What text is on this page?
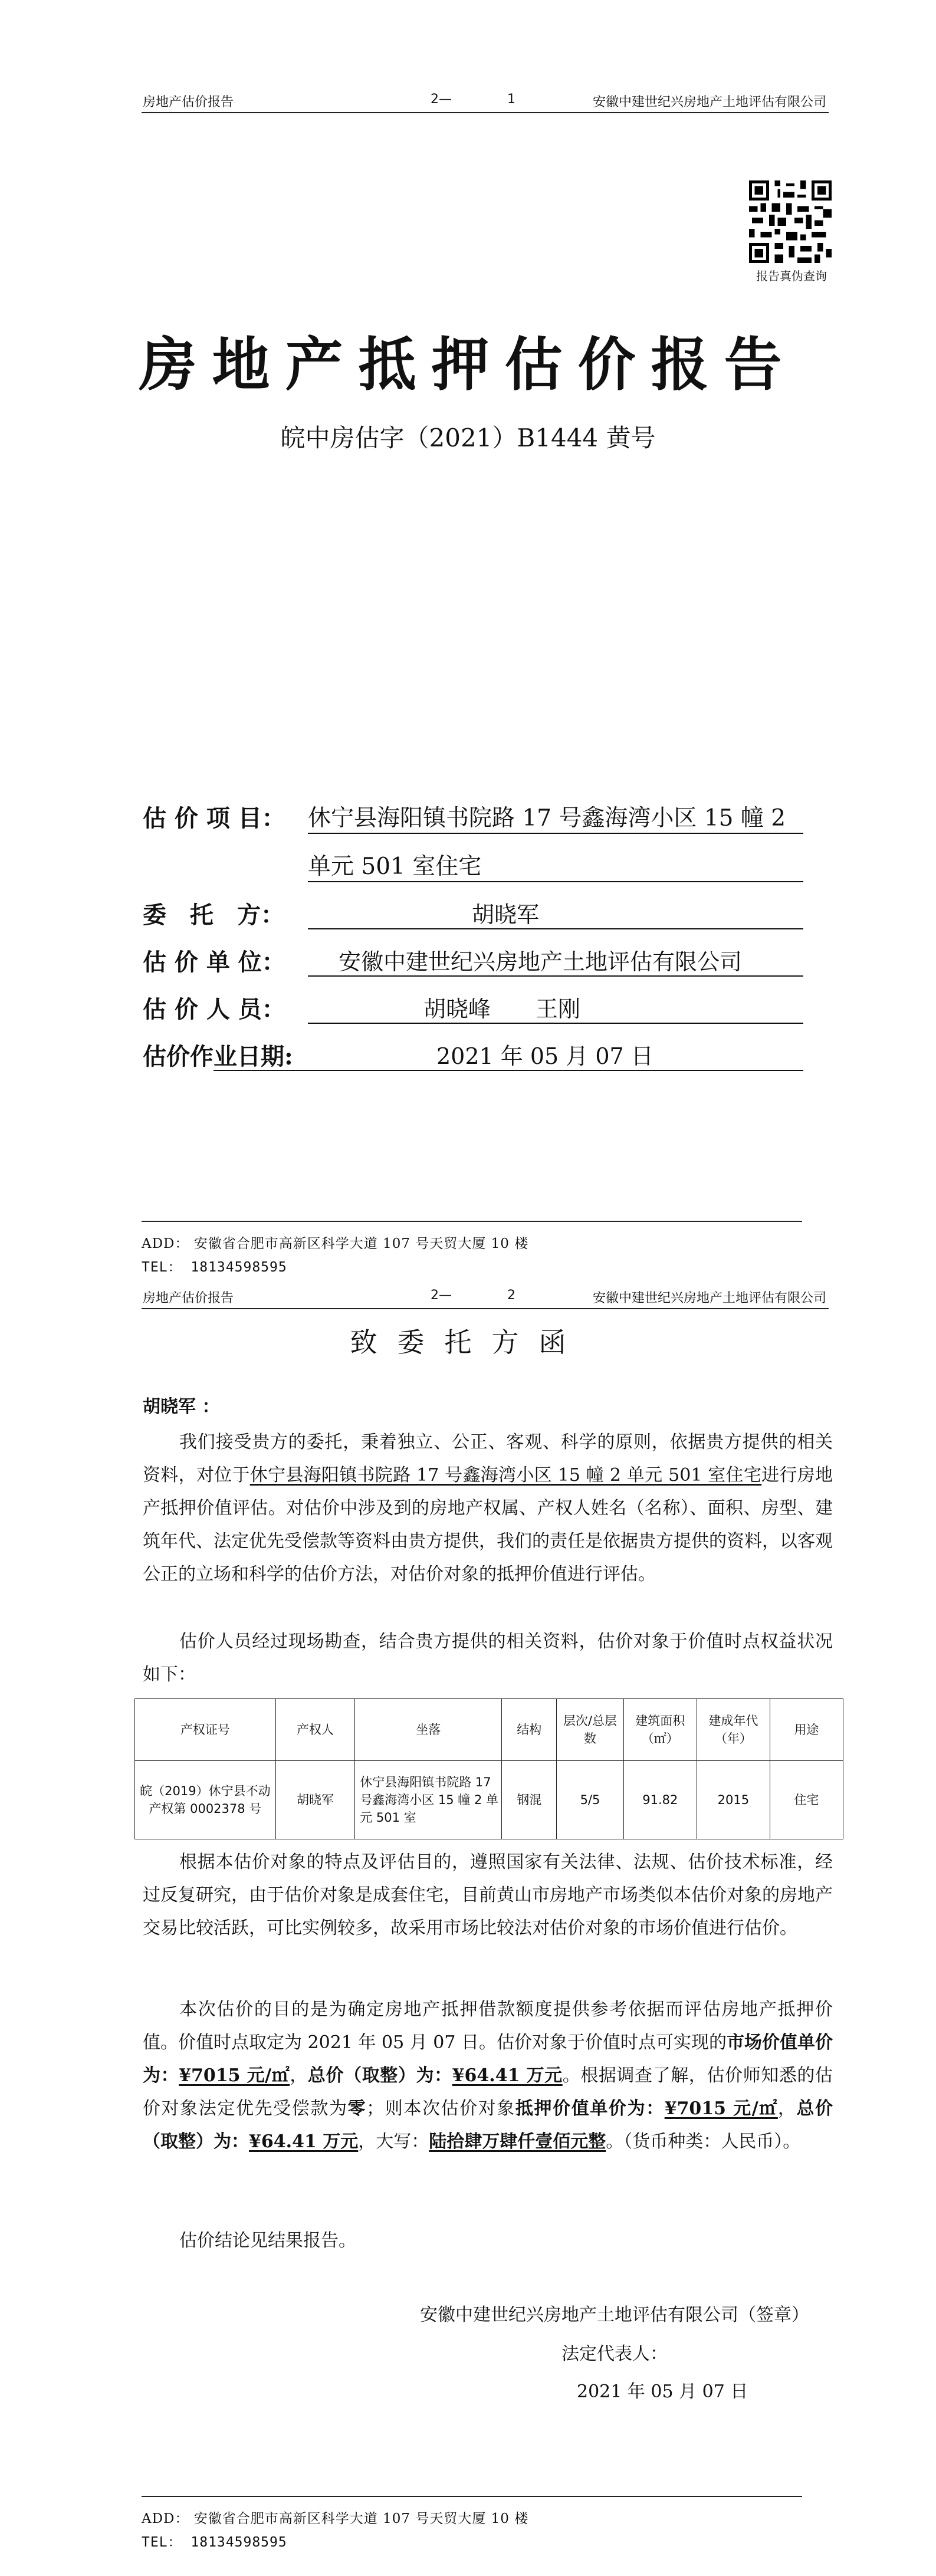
房地产估价报告	2—	1	安徽中建世纪兴房地产土地评估有限公司
报告真伪查询
房地产抵押估价报告
皖中房估字（2021）B1444 黄号
估 价 项 目： 休宁县海阳镇书院路 17 号鑫海湾小区 15 幢 2
单元 501 室住宅
委　托　方：	胡晓军
估 价 单 位： 安徽中建世纪兴房地产土地评估有限公司
估 价 人 员：	胡晓峰　　王刚
估价作业日期:	2021 年 05 月 07 日
ADD： 安徽省合肥市高新区科学大道 107 号天贸大厦 10 楼
TEL： 18134598595
房地产估价报告	2—	2	安徽中建世纪兴房地产土地评估有限公司
致委托方函
胡晓军 ：
我们接受贵方的委托，秉着独立、公正、客观、科学的原则，依据贵方提供的相关资料，对位于休宁县海阳镇书院路 17 号鑫海湾小区 15 幢 2 单元 501 室住宅进行房地产抵押价值评估。对估价中涉及到的房地产权属、产权人姓名（名称）、面积、房型、建筑年代、法定优先受偿款等资料由贵方提供，我们的责任是依据贵方提供的资料，以客观公正的立场和科学的估价方法，对估价对象的抵押价值进行评估。
估价人员经过现场勘查，结合贵方提供的相关资料，估价对象于价值时点权益状况如下：
产权证号	产权人	坐落	结构	层次/总层数	建筑面积（㎡）	建成年代（年）	用途
皖（2019）休宁县不动产权第 0002378 号	胡晓军	休宁县海阳镇书院路 17 号鑫海湾小区 15 幢 2 单元 501 室	钢混	5/5	91.82	2015	住宅
根据本估价对象的特点及评估目的，遵照国家有关法律、法规、估价技术标准，经过反复研究，由于估价对象是成套住宅，目前黄山市房地产市场类似本估价对象的房地产交易比较活跃，可比实例较多，故采用市场比较法对估价对象的市场价值进行估价。
本次估价的目的是为确定房地产抵押借款额度提供参考依据而评估房地产抵押价值。价值时点取定为 2021 年 05 月 07 日。估价对象于价值时点可实现的市场价值单价为：¥7015 元/㎡，总价（取整）为：¥64.41 万元。根据调查了解，估价师知悉的估价对象法定优先受偿款为零；则本次估价对象抵押价值单价为：¥7015 元/㎡，总价（取整）为：¥64.41 万元，大写：陆拾肆万肆仟壹佰元整。（货币种类：人民币）。
估价结论见结果报告。
安徽中建世纪兴房地产土地评估有限公司（签章）
法定代表人：
2021 年 05 月 07 日
ADD： 安徽省合肥市高新区科学大道 107 号天贸大厦 10 楼
TEL： 18134598595
